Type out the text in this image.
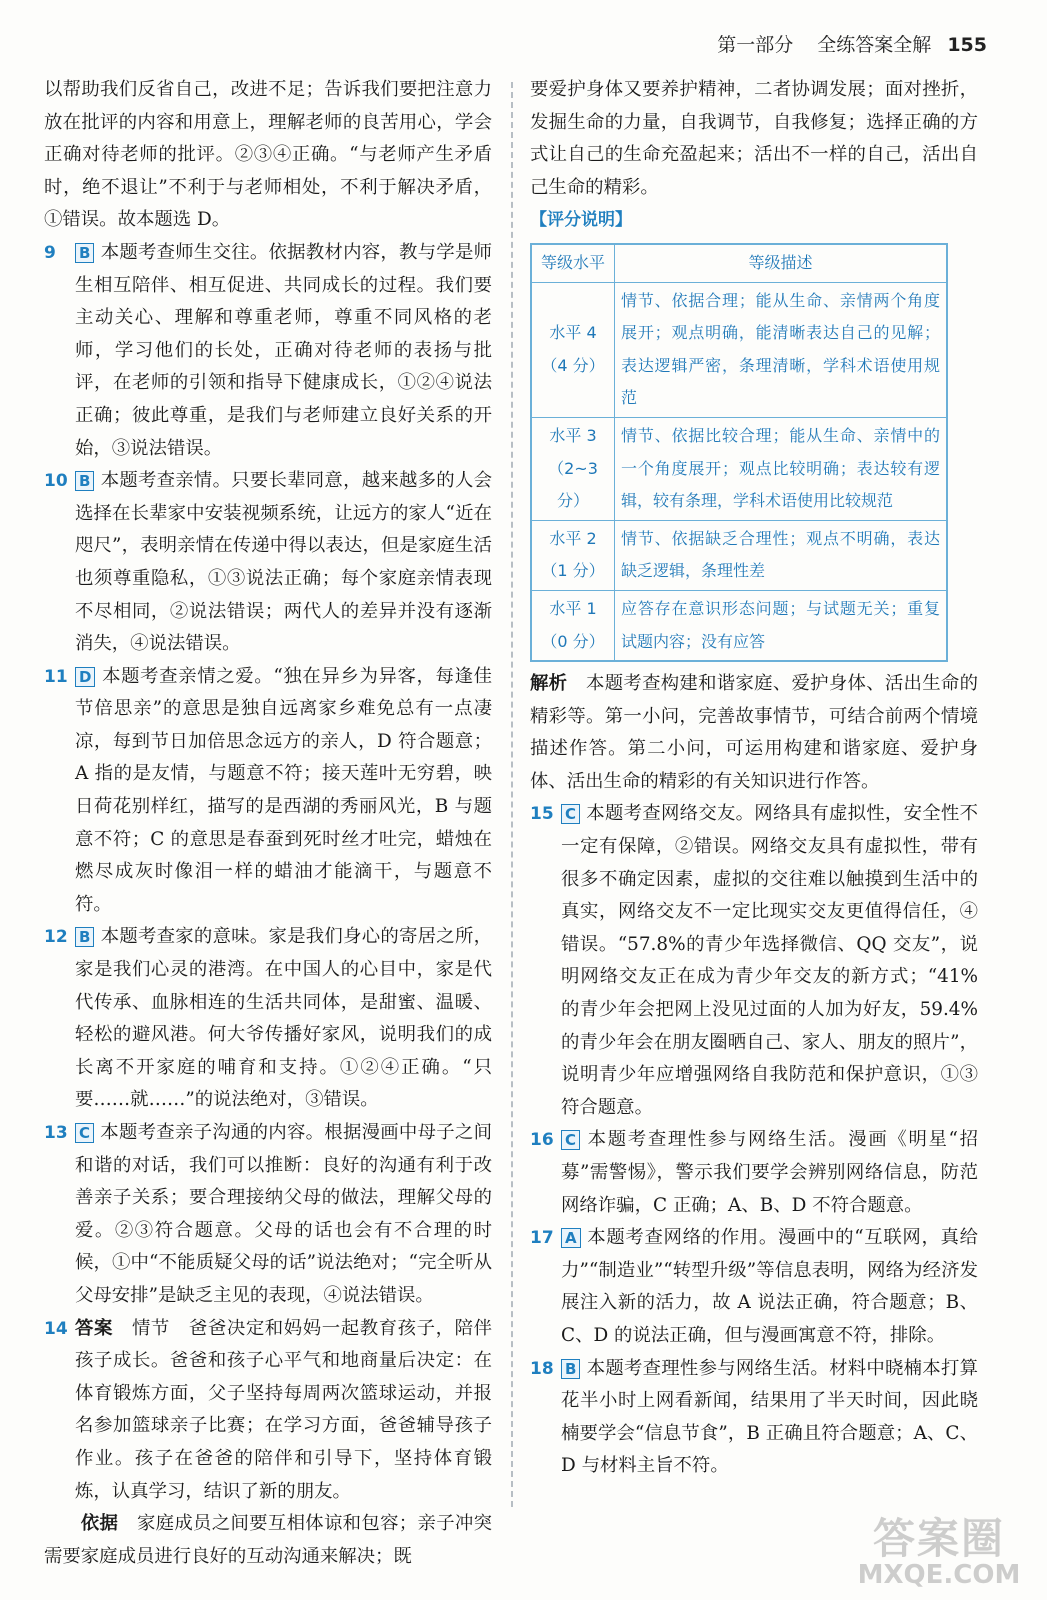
第一部分 全练答案全解 155
以帮助我们反省自己，改进不足；告诉我们要把注意力放在批评的内容和用意上，理解老师的良苦用心，学会正确对待老师的批评。②③④正确。“与老师产生矛盾时，绝不退让”不利于与老师相处，不利于解决矛盾，①错误。故本题选 D。
9 B 本题考查师生交往。依据教材内容，教与学是师生相互陪伴、相互促进、共同成长的过程。我们要主动关心、理解和尊重老师，尊重不同风格的老师，学习他们的长处，正确对待老师的表扬与批评，在老师的引领和指导下健康成长，①②④说法正确；彼此尊重，是我们与老师建立良好关系的开始，③说法错误。
10 B 本题考查亲情。只要长辈同意，越来越多的人会选择在长辈家中安装视频系统，让远方的家人“近在咫尺”，表明亲情在传递中得以表达，但是家庭生活也须尊重隐私，①③说法正确；每个家庭亲情表现不尽相同，②说法错误；两代人的差异并没有逐渐消失，④说法错误。
11 D 本题考查亲情之爱。“独在异乡为异客，每逢佳节倍思亲”的意思是独自远离家乡难免总有一点凄凉，每到节日加倍思念远方的亲人，D 符合题意；A 指的是友情，与题意不符；接天莲叶无穷碧，映日荷花别样红，描写的是西湖的秀丽风光，B 与题意不符；C 的意思是春蚕到死时丝才吐完，蜡烛在燃尽成灰时像泪一样的蜡油才能滴干，与题意不符。
12 B 本题考查家的意味。家是我们身心的寄居之所，家是我们心灵的港湾。在中国人的心目中，家是代代传承、血脉相连的生活共同体，是甜蜜、温暖、轻松的避风港。何大爷传播好家风，说明我们的成长离不开家庭的哺育和支持。①②④正确。“只要……就……”的说法绝对，③错误。
13 C 本题考查亲子沟通的内容。根据漫画中母子之间和谐的对话，我们可以推断：良好的沟通有利于改善亲子关系；要合理接纳父母的做法，理解父母的爱。②③符合题意。父母的话也会有不合理的时候，①中“不能质疑父母的话”说法绝对；“完全听从父母安排”是缺乏主见的表现，④说法错误。
14 答案　 情节　爸爸决定和妈妈一起教育孩子，陪伴孩子成长。爸爸和孩子心平气和地商量后决定：在体育锻炼方面，父子坚持每周两次篮球运动，并报名参加篮球亲子比赛；在学习方面，爸爸辅导孩子作业。孩子在爸爸的陪伴和引导下，坚持体育锻炼，认真学习，结识了新的朋友。
依据　 家庭成员之间要互相体谅和包容；亲子冲突需要家庭成员进行良好的互动沟通来解决；既
要爱护身体又要养护精神，二者协调发展；面对挫折，发掘生命的力量，自我调节，自我修复；选择正确的方式让自己的生命充盈起来；活出不一样的自己，活出自己生命的精彩。
【评分说明】
等级水平	等级描述

水平 4
（4 分）	情节、依据合理；能从生命、亲情两个角度展开；观点明确，能清晰表达自己的见解；表达逻辑严密，条理清晰，学科术语使用规范

水平 3
（2~3 分）	情节、依据比较合理；能从生命、亲情中的一个角度展开；观点比较明确；表达较有逻辑，较有条理，学科术语使用比较规范

水平 2
（1 分）	情节、依据缺乏合理性；观点不明确，表达缺乏逻辑，条理性差

水平 1
（0 分）	应答存在意识形态问题；与试题无关；重复试题内容；没有应答
解析　 本题考查构建和谐家庭、爱护身体、活出生命的精彩等。第一小问，完善故事情节，可结合前两个情境描述作答。第二小问，可运用构建和谐家庭、爱护身体、活出生命的精彩的有关知识进行作答。
15 C 本题考查网络交友。网络具有虚拟性，安全性不一定有保障，②错误。网络交友具有虚拟性，带有很多不确定因素，虚拟的交往难以触摸到生活中的真实，网络交友不一定比现实交友更值得信任，④错误。“57.8%的青少年选择微信、QQ 交友”，说明网络交友正在成为青少年交友的新方式；“41%的青少年会把网上没见过面的人加为好友，59.4%的青少年会在朋友圈晒自己、家人、朋友的照片”，说明青少年应增强网络自我防范和保护意识，①③符合题意。
16 C 本题考查理性参与网络生活。漫画《明星“招募”需警惕》，警示我们要学会辨别网络信息，防范网络诈骗，C 正确；A、B、D 不符合题意。
17 A 本题考查网络的作用。漫画中的“互联网，真给力”“制造业”“转型升级”等信息表明，网络为经济发展注入新的活力，故 A 说法正确，符合题意；B、C、D 的说法正确，但与漫画寓意不符，排除。
18 B 本题考查理性参与网络生活。材料中晓楠本打算花半小时上网看新闻，结果用了半天时间，因此晓楠要学会“信息节食”，B 正确且符合题意；A、C、D 与材料主旨不符。
答案圈
MXQE.COM
